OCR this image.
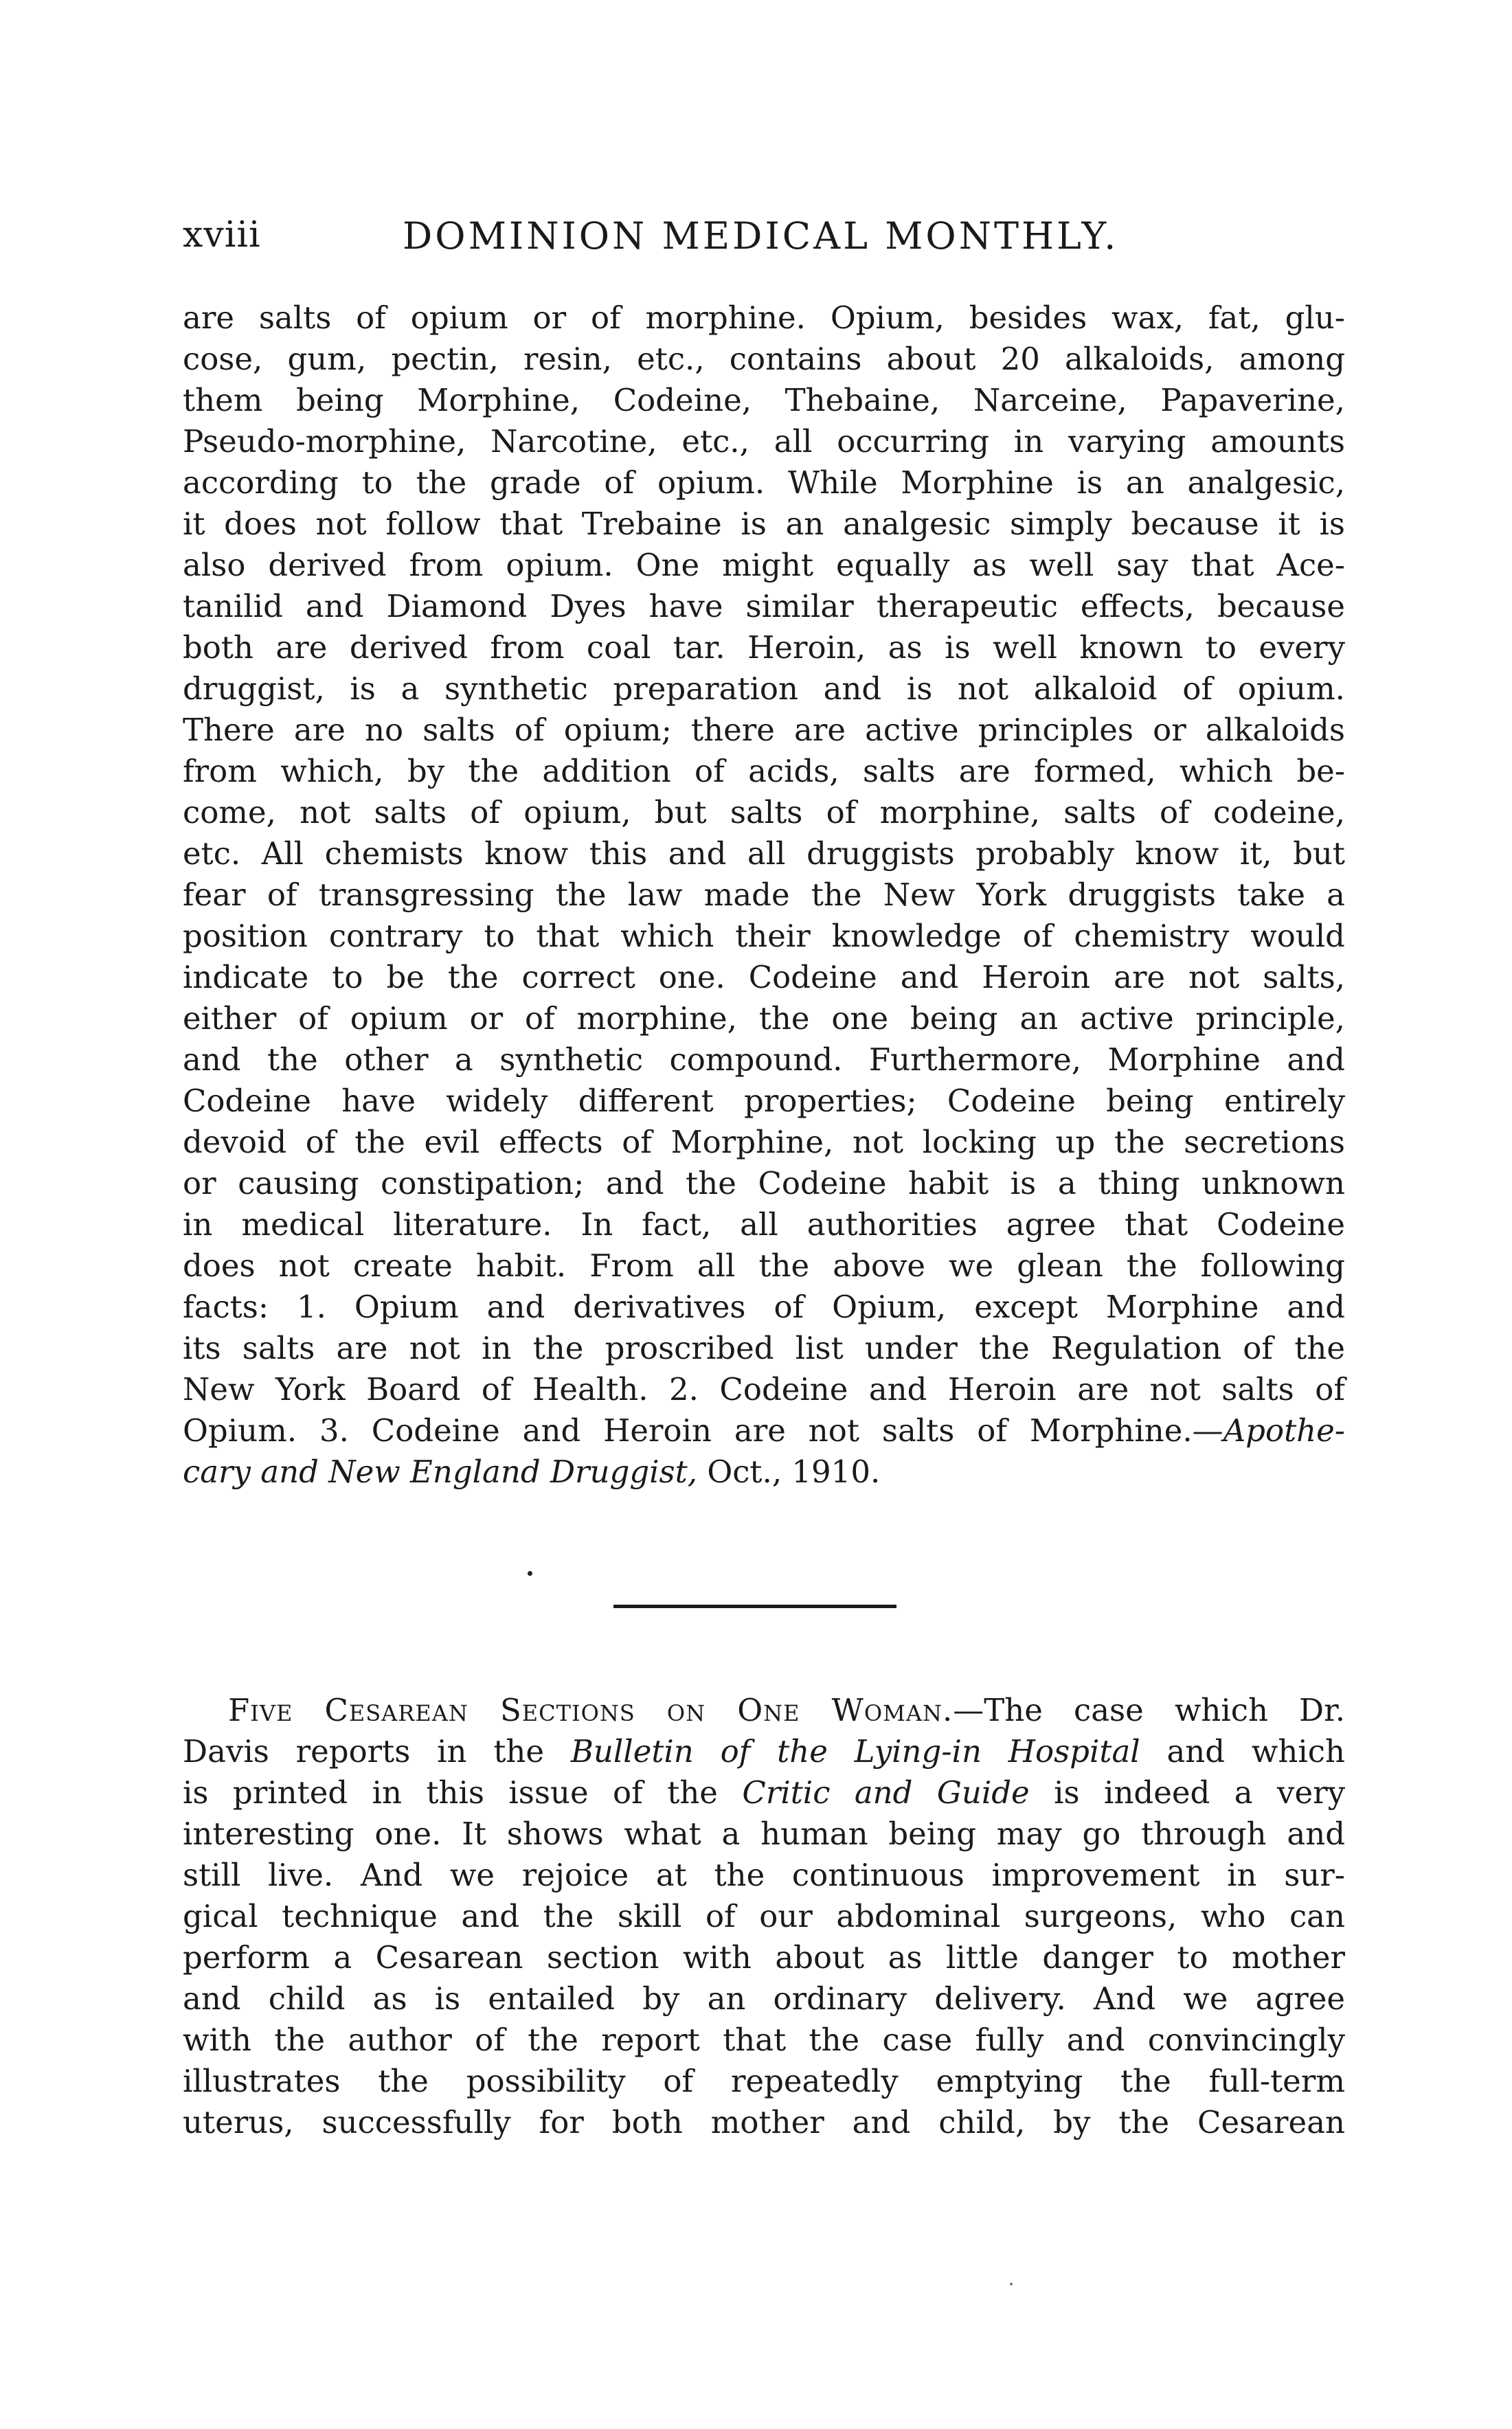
xviii	DOMINION MEDICAL MONTHLY.
are salts of opium or of morphine. Opium, besides wax, fat, glu-
cose, gum, pectin, resin, etc., contains about 20 alkaloids, among
them being Morphine, Codeine, Thebaine, Narceine, Papaverine,
Pseudo-morphine, Narcotine, etc., all occurring in varying amounts
according to the grade of opium. While Morphine is an analgesic,
it does not follow that Trebaine is an analgesic simply because it is
also derived from opium. One might equally as well say that Ace-
tanilid and Diamond Dyes have similar therapeutic effects, because
both are derived from coal tar. Heroin, as is well known to every
druggist, is a synthetic preparation and is not alkaloid of opium.
There are no salts of opium; there are active principles or alkaloids
from which, by the addition of acids, salts are formed, which be-
come, not salts of opium, but salts of morphine, salts of codeine,
etc. All chemists know this and all druggists probably know it, but
fear of transgressing the law made the New York druggists take a
position contrary to that which their knowledge of chemistry would
indicate to be the correct one. Codeine and Heroin are not salts,
either of opium or of morphine, the one being an active principle,
and the other a synthetic compound. Furthermore, Morphine and
Codeine have widely different properties; Codeine being entirely
devoid of the evil effects of Morphine, not locking up the secretions
or causing constipation; and the Codeine habit is a thing unknown
in medical literature. In fact, all authorities agree that Codeine
does not create habit. From all the above we glean the following
facts: 1. Opium and derivatives of Opium, except Morphine and
its salts are not in the proscribed list under the Regulation of the
New York Board of Health. 2. Codeine and Heroin are not salts of
Opium. 3. Codeine and Heroin are not salts of Morphine.—Apothe-
cary and New England Druggist, Oct., 1910.
Five Cesarean Sections on One Woman.—The case which Dr.
Davis reports in the Bulletin of the Lying-in Hospital and which
is printed in this issue of the Critic and Guide is indeed a very
interesting one. It shows what a human being may go through and
still live. And we rejoice at the continuous improvement in sur-
gical technique and the skill of our abdominal surgeons, who can
perform a Cesarean section with about as little danger to mother
and child as is entailed by an ordinary delivery. And we agree
with the author of the report that the case fully and convincingly
illustrates the possibility of repeatedly emptying the full-term
uterus, successfully for both mother and child, by the Cesarean
